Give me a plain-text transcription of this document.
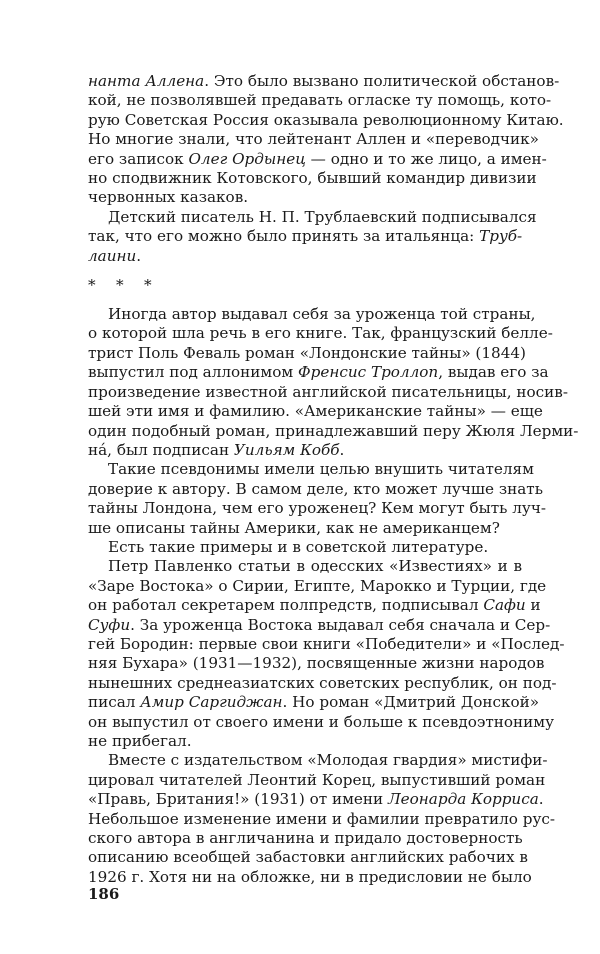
нанта Аллена. Это было вызвано политической обстанов-
кой, не позволявшей предавать огласке ту помощь, кото-
рую Советская Россия оказывала революционному Китаю.
Но многие знали, что лейтенант Аллен и «переводчик»
его записок Олег Ордынец — одно и то же лицо, а имен-
но сподвижник Котовского, бывший командир дивизии
червонных казаков.

Детский писатель Н. П. Трублаевский подписывался

так, что его можно было принять за итальянца: Труб-
лаини.

* * *

Иногда автор выдавал себя за уроженца той страны,

о которой шла речь в его книге. Так, французский белле-
трист Поль Феваль роман «Лондонские тайны» (1844)
выпустил под аллонимом Френсис Троллоп, выдав его за
произведение известной английской писательницы, носив-
шей эти имя и фамилию. «Американские тайны» — еще
один подобный роман, принадлежавший перу Жюля Лерми-
на́, был подписан Уильям Кобб.

Такие псевдонимы имели целью внушить читателям

доверие к автору. В самом деле, кто может лучше знать
тайны Лондона, чем его уроженец? Кем могут быть луч-
ше описаны тайны Америки, как не американцем?

Есть такие примеры и в советской литературе.

Петр Павленко статьи в одесских «Известиях» и в

«Заре Востока» о Сирии, Египте, Марокко и Турции, где
он работал секретарем полпредств, подписывал Сафи и
Суфи. За уроженца Востока выдавал себя сначала и Сер-
гей Бородин: первые свои книги «Победители» и «Послед-
няя Бухара» (1931—1932), посвященные жизни народов
нынешних среднеазиатских советских республик, он под-
писал Амир Саргиджан. Но роман «Дмитрий Донской»
он выпустил от своего имени и больше к псевдоэтнониму
не прибегал.

Вместе с издательством «Молодая гвардия» мистифи-

цировал читателей Леонтий Корец, выпустивший роман
«Правь, Британия!» (1931) от имени Леонарда Корриса.
Небольшое изменение имени и фамилии превратило рус-
ского автора в англичанина и придало достоверность
описанию всеобщей забастовки английских рабочих в
1926 г. Хотя ни на обложке, ни в предисловии не было

186
